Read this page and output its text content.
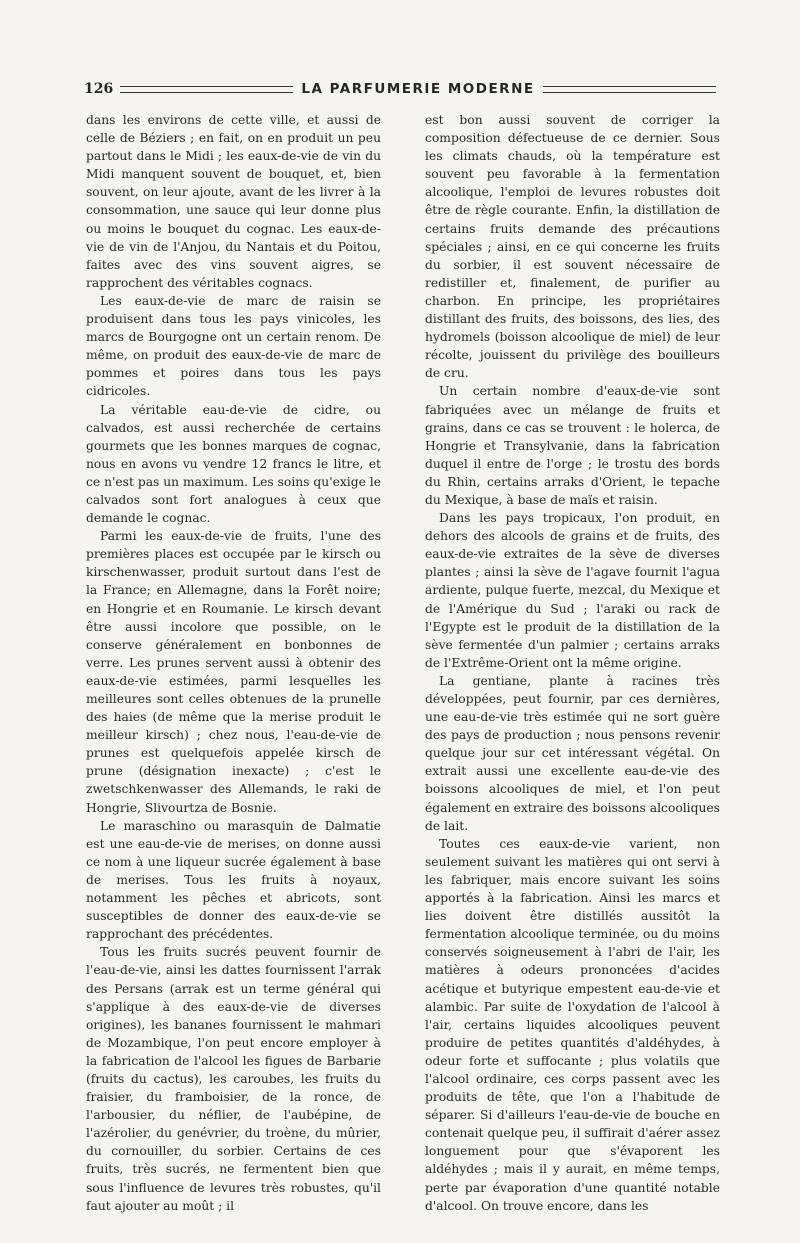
126	LA PARFUMERIE MODERNE

dans les environs de cette ville, et aussi de celle de Béziers ; en fait, on en produit un peu partout dans le Midi ; les eaux-de-vie de vin du Midi manquent souvent de bouquet, et, bien souvent, on leur ajoute, avant de les livrer à la consommation, une sauce qui leur donne plus ou moins le bouquet du cognac. Les eaux-de-vie de vin de l'Anjou, du Nantais et du Poitou, faites avec des vins souvent aigres, se rapprochent des véritables cognacs.

Les eaux-de-vie de marc de raisin se produisent dans tous les pays vinicoles, les marcs de Bourgogne ont un certain renom. De même, on produit des eaux-de-vie de marc de pommes et poires dans tous les pays cidricoles.

La véritable eau-de-vie de cidre, ou calvados, est aussi recherchée de certains gourmets que les bonnes marques de cognac, nous en avons vu vendre 12 francs le litre, et ce n'est pas un maximum. Les soins qu'exige le calvados sont fort analogues à ceux que demande le cognac.

Parmi les eaux-de-vie de fruits, l'une des premières places est occupée par le kirsch ou kirschenwasser, produit surtout dans l'est de la France; en Allemagne, dans la Forêt noire; en Hongrie et en Roumanie. Le kirsch devant être aussi incolore que possible, on le conserve généralement en bonbonnes de verre. Les prunes servent aussi à obtenir des eaux-de-vie estimées, parmi lesquelles les meilleures sont celles obtenues de la prunelle des haies (de même que la merise produit le meilleur kirsch) ; chez nous, l'eau-de-vie de prunes est quelquefois appelée kirsch de prune (désignation inexacte) ; c'est le zwetschkenwasser des Allemands, le raki de Hongrie, Slivourtza de Bosnie.

Le maraschino ou marasquin de Dalmatie est une eau-de-vie de merises, on donne aussi ce nom à une liqueur sucrée également à base de merises. Tous les fruits à noyaux, notamment les pêches et abricots, sont susceptibles de donner des eaux-de-vie se rapprochant des précédentes.

Tous les fruits sucrés peuvent fournir de l'eau-de-vie, ainsi les dattes fournissent l'arrak des Persans (arrak est un terme général qui s'applique à des eaux-de-vie de diverses origines), les bananes fournissent le mahmari de Mozambique, l'on peut encore employer à la fabrication de l'alcool les figues de Barbarie (fruits du cactus), les caroubes, les fruits du fraisier, du framboisier, de la ronce, de l'arbousier, du néflier, de l'aubépine, de l'azérolier, du genévrier, du troène, du mûrier, du cornouiller, du sorbier. Certains de ces fruits, très sucrés, ne fermentent bien que sous l'influence de levures très robustes, qu'il faut ajouter au moût ; il

est bon aussi souvent de corriger la composition défectueuse de ce dernier. Sous les climats chauds, où la température est souvent peu favorable à la fermentation alcoolique, l'emploi de levures robustes doit être de règle courante. Enfin, la distillation de certains fruits demande des précautions spéciales ; ainsi, en ce qui concerne les fruits du sorbier, il est souvent nécessaire de redistiller et, finalement, de purifier au charbon. En principe, les propriétaires distillant des fruits, des boissons, des lies, des hydromels (boisson alcoolique de miel) de leur récolte, jouissent du privilège des bouilleurs de cru.

Un certain nombre d'eaux-de-vie sont fabriquées avec un mélange de fruits et grains, dans ce cas se trouvent : le holerca, de Hongrie et Transylvanie, dans la fabrication duquel il entre de l'orge ; le trostu des bords du Rhin, certains arraks d'Orient, le tepache du Mexique, à base de maïs et raisin.

Dans les pays tropicaux, l'on produit, en dehors des alcools de grains et de fruits, des eaux-de-vie extraites de la sève de diverses plantes ; ainsi la sève de l'agave fournit l'agua ardiente, pulque fuerte, mezcal, du Mexique et de l'Amérique du Sud ; l'araki ou rack de l'Egypte est le produit de la distillation de la sève fermentée d'un palmier ; certains arraks de l'Extrême-Orient ont la même origine.

La gentiane, plante à racines très développées, peut fournir, par ces dernières, une eau-de-vie très estimée qui ne sort guère des pays de production ; nous pensons revenir quelque jour sur cet intéressant végétal. On extrait aussi une excellente eau-de-vie des boissons alcooliques de miel, et l'on peut également en extraire des boissons alcooliques de lait.

Toutes ces eaux-de-vie varient, non seulement suivant les matières qui ont servi à les fabriquer, mais encore suivant les soins apportés à la fabrication. Ainsi les marcs et lies doivent être distillés aussitôt la fermentation alcoolique terminée, ou du moins conservés soigneusement à l'abri de l'air, les matières à odeurs prononcées d'acides acétique et butyrique empestent eau-de-vie et alambic. Par suite de l'oxydation de l'alcool à l'air, certains liquides alcooliques peuvent produire de petites quantités d'aldéhydes, à odeur forte et suffocante ; plus volatils que l'alcool ordinaire, ces corps passent avec les produits de tête, que l'on a l'habitude de séparer. Si d'ailleurs l'eau-de-vie de bouche en contenait quelque peu, il suffirait d'aérer assez longuement pour que s'évaporent les aldéhydes ; mais il y aurait, en même temps, perte par évaporation d'une quantité notable d'alcool. On trouve encore, dans les
